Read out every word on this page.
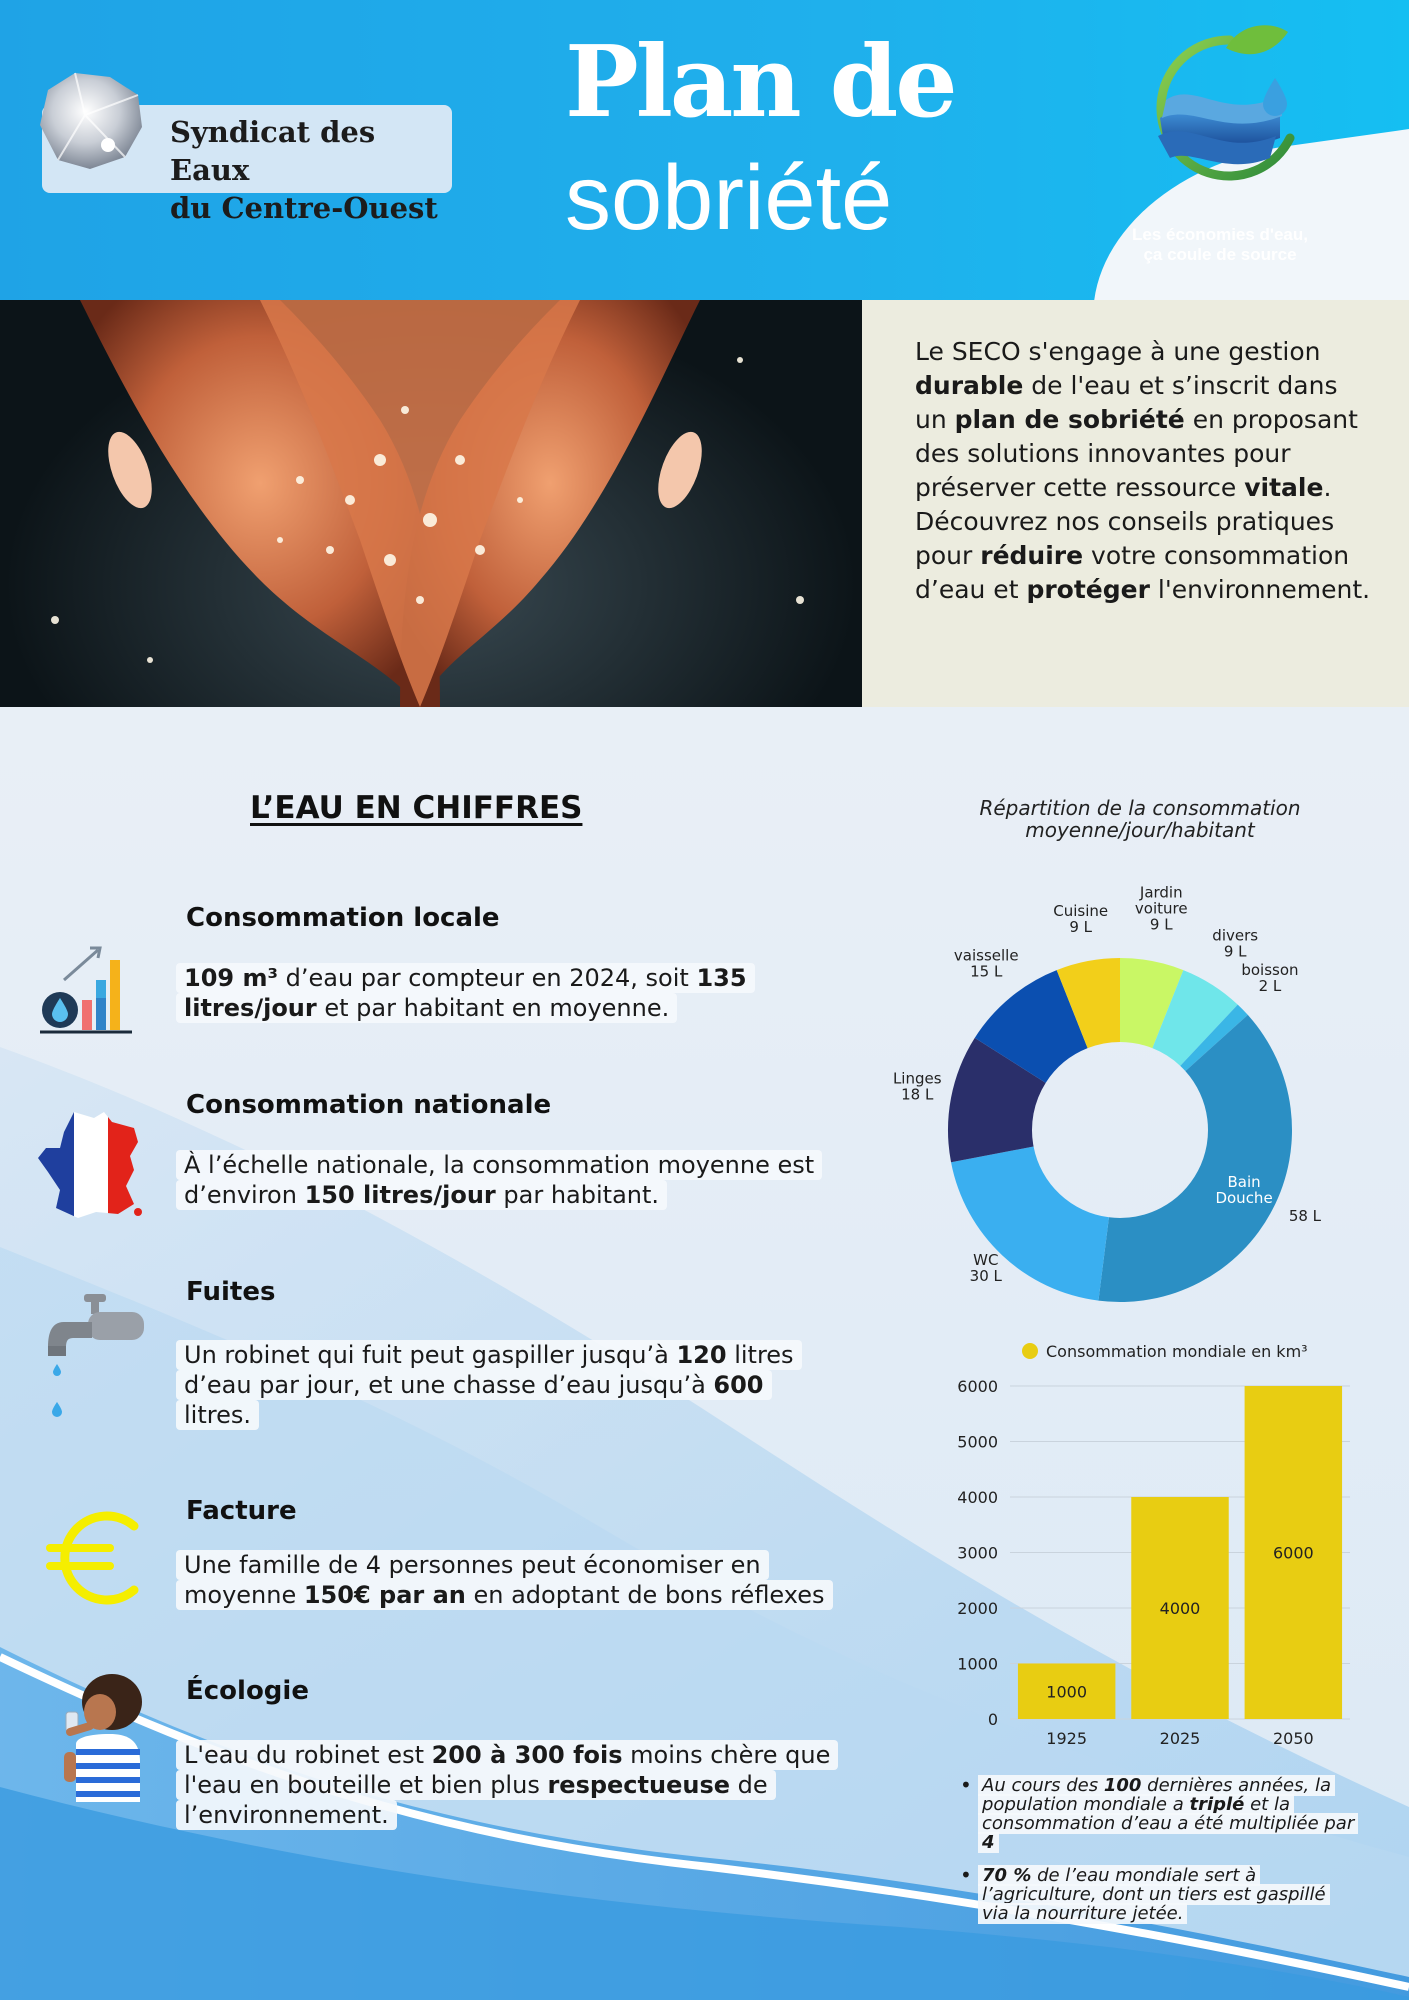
Syndicat des Eaux
du Centre-Ouest
Plan de
sobriété	Les économies d'eau,
ça coule de source
Le SECO s'engage à une gestion durable de l'eau et s’inscrit dans un plan de sobriété en proposant des solutions innovantes pour préserver cette ressource vitale. Découvrez nos conseils pratiques pour réduire votre consommation d’eau et protéger l'environnement.
L’EAU EN CHIFFRES
Consommation locale
109 m³ d’eau par compteur en 2024, soit 135 litres/jour et par habitant en moyenne.
Consommation nationale
À l’échelle nationale, la consommation moyenne est d’environ 150 litres/jour par habitant.
Fuites
Un robinet qui fuit peut gaspiller jusqu’à 120 litres d’eau par jour, et une chasse d’eau jusqu’à 600 litres.
Facture
Une famille de 4 personnes peut économiser en moyenne 150€ par an en adoptant de bons réflexes
Écologie
L'eau du robinet est 200 à 300 fois moins chère que l'eau en bouteille et bien plus respectueuse de l’environnement.
Répartition de la consommation moyenne/jour/habitant
Jardin
voiture
9 L
divers
9 L
boisson
2 L
Bain
Douche
58 L
WC
30 L
Linges
18 L
vaisselle
15 L
Cuisine
9 L
Consommation mondiale en km³
0
1000
2000
3000
4000
5000
6000
1000
1925
4000
2025
6000
2050
• Au cours des 100 dernières années, la population mondiale a triplé et la consommation d’eau a été multipliée par 4
• 70 % de l’eau mondiale sert à l’agriculture, dont un tiers est gaspillé via la nourriture jetée.
